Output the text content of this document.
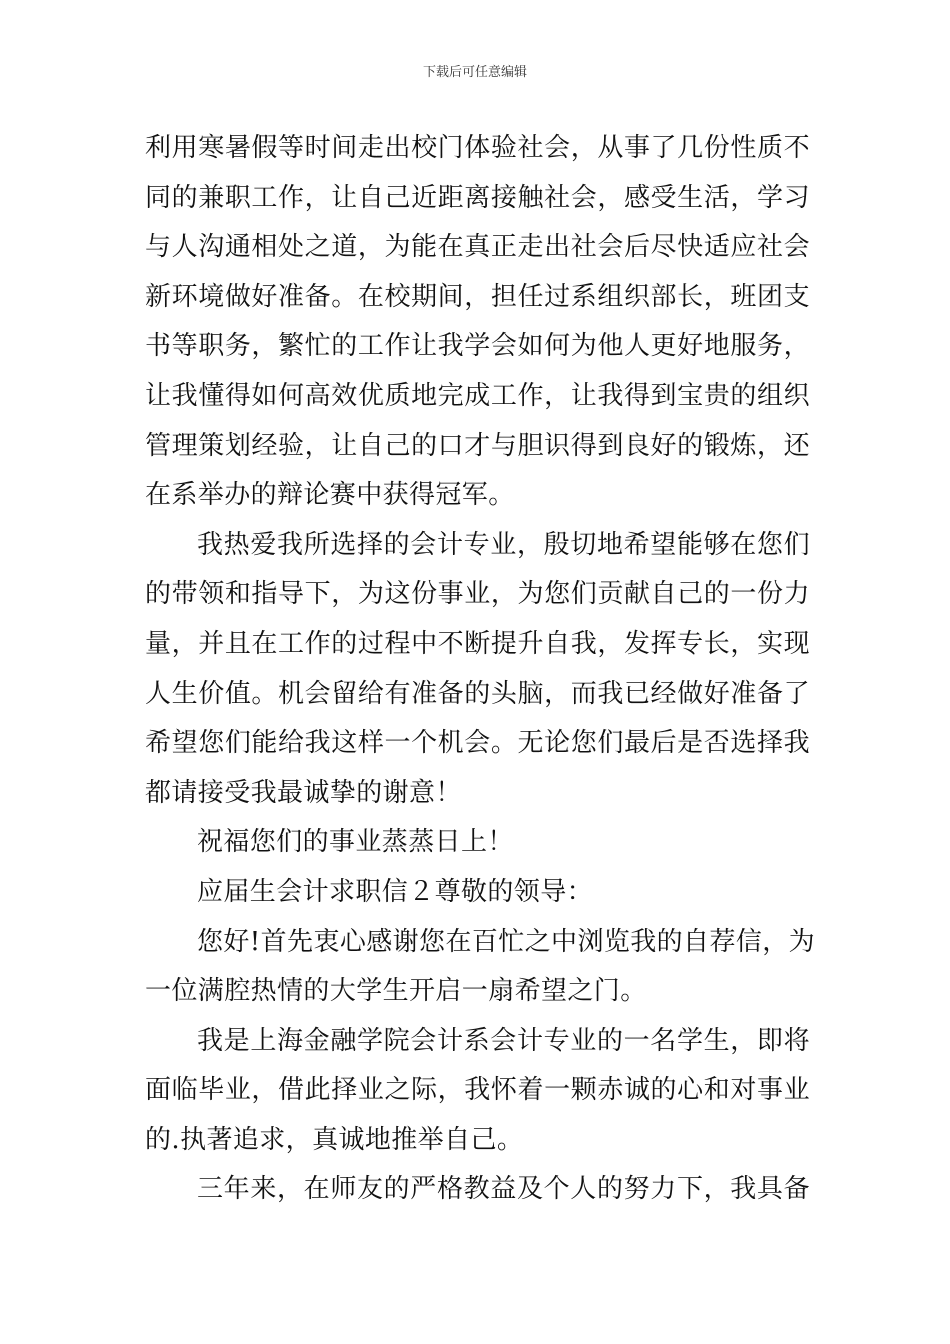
下载后可任意编辑

利用寒暑假等时间走出校门体验社会，从事了几份性质不
同的兼职工作，让自己近距离接触社会，感受生活，学习
与人沟通相处之道，为能在真正走出社会后尽快适应社会
新环境做好准备。在校期间，担任过系组织部长，班团支
书等职务，繁忙的工作让我学会如何为他人更好地服务，
让我懂得如何高效优质地完成工作，让我得到宝贵的组织
管理策划经验，让自己的口才与胆识得到良好的锻炼，还
在系举办的辩论赛中获得冠军。

我热爱我所选择的会计专业，殷切地希望能够在您们
的带领和指导下，为这份事业，为您们贡献自己的一份力
量，并且在工作的过程中不断提升自我，发挥专长，实现
人生价值。机会留给有准备的头脑，而我已经做好准备了
希望您们能给我这样一个机会。无论您们最后是否选择我
都请接受我最诚挚的谢意！

祝福您们的事业蒸蒸日上！

应届生会计求职信２尊敬的领导：

您好!首先衷心感谢您在百忙之中浏览我的自荐信，为
一位满腔热情的大学生开启一扇希望之门。

我是上海金融学院会计系会计专业的一名学生，即将
面临毕业，借此择业之际，我怀着一颗赤诚的心和对事业
的.执著追求，真诚地推举自己。

三年来，在师友的严格教益及个人的努力下，我具备
